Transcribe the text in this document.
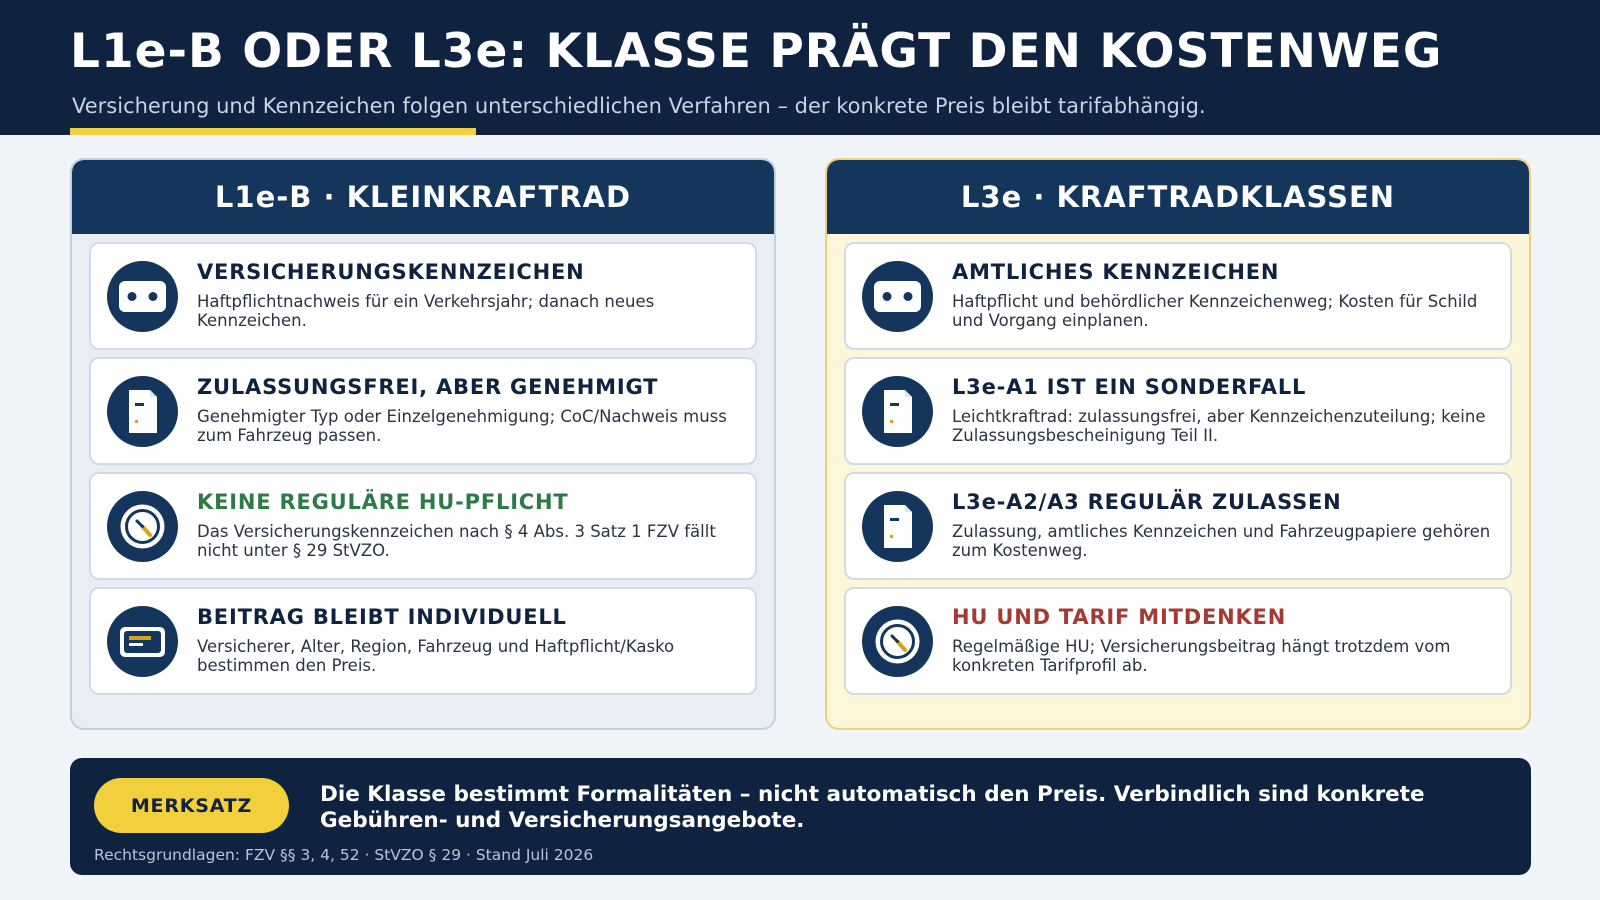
L1e-B ODER L3e: KLASSE PRÄGT DEN KOSTENWEG

Versicherung und Kennzeichen folgen unterschiedlichen Verfahren – der konkrete Preis bleibt tarifabhängig.

L1e-B · KLEINKRAFTRAD
VERSICHERUNGSKENNZEICHEN

Haftpflichtnachweis für ein Verkehrsjahr; danach neues Kennzeichen.

ZULASSUNGSFREI, ABER GENEHMIGT

Genehmigter Typ oder Einzelgenehmigung; CoC/Nachweis muss zum Fahrzeug passen.

KEINE REGULÄRE HU-PFLICHT

Das Versicherungskennzeichen nach § 4 Abs. 3 Satz 1 FZV fällt nicht unter § 29 StVZO.

BEITRAG BLEIBT INDIVIDUELL

Versicherer, Alter, Region, Fahrzeug und Haftpflicht/Kasko bestimmen den Preis.

L3e · KRAFTRADKLASSEN
AMTLICHES KENNZEICHEN

Haftpflicht und behördlicher Kennzeichenweg; Kosten für Schild und Vorgang einplanen.

L3e-A1 IST EIN SONDERFALL

Leichtkraftrad: zulassungsfrei, aber Kennzeichenzuteilung; keine Zulassungsbescheinigung Teil II.

L3e-A2/A3 REGULÄR ZULASSEN

Zulassung, amtliches Kennzeichen und Fahrzeugpapiere gehören zum Kostenweg.

HU UND TARIF MITDENKEN

Regelmäßige HU; Versicherungsbeitrag hängt trotzdem vom konkreten Tarifprofil ab.

MERKSATZ	Die Klasse bestimmt Formalitäten – nicht automatisch den Preis. Verbindlich sind konkrete Gebühren- und Versicherungsangebote.

Rechtsgrundlagen: FZV §§ 3, 4, 52 · StVZO § 29 · Stand Juli 2026
